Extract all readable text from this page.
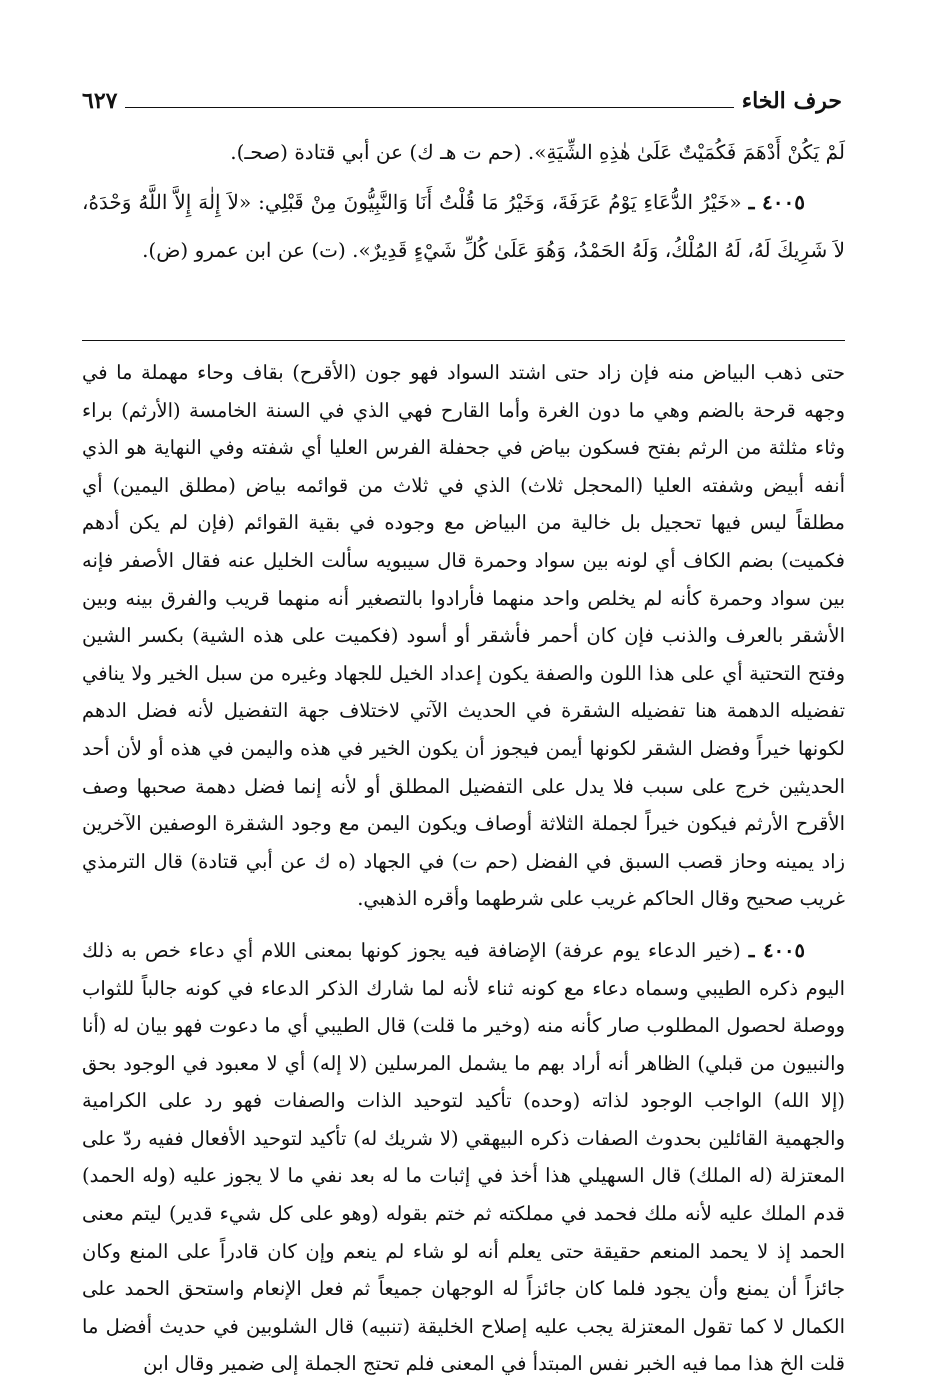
حرف الخاء
٦٢٧

لَمْ يَكُنْ أَدْهَمَ فَكُمَيْتٌ عَلَىٰ هٰذِهِ الشِّيَةِ». (حم ت هـ ك) عن أبي قتادة (صحـ).

٤٠٠٥ ـ «خَيْرُ الدُّعَاءِ يَوْمُ عَرَفَةَ، وَخَيْرُ مَا قُلْتُ أَنَا وَالنَّبِيُّونَ مِنْ قَبْلِي: «لاَ إِلٰهَ إِلاَّ اللَّهُ وَحْدَهُ، لاَ شَرِيكَ لَهُ، لَهُ المُلْكُ، وَلَهُ الحَمْدُ، وَهُوَ عَلَىٰ كُلِّ شَيْءٍ قَدِيرٌ». (ت) عن ابن عمرو (ض).

حتى ذهب البياض منه فإن زاد حتى اشتد السواد فهو جون (الأقرح) بقاف وحاء مهملة ما في وجهه قرحة بالضم وهي ما دون الغرة وأما القارح فهي الذي في السنة الخامسة (الأرثم) براء وثاء مثلثة من الرثم بفتح فسكون بياض في جحفلة الفرس العليا أي شفته وفي النهاية هو الذي أنفه أبيض وشفته العليا (المحجل ثلاث) الذي في ثلاث من قوائمه بياض (مطلق اليمين) أي مطلقاً ليس فيها تحجيل بل خالية من البياض مع وجوده في بقية القوائم (فإن لم يكن أدهم فكميت) بضم الكاف أي لونه بين سواد وحمرة قال سيبويه سألت الخليل عنه فقال الأصفر فإنه بين سواد وحمرة كأنه لم يخلص واحد منهما فأرادوا بالتصغير أنه منهما قريب والفرق بينه وبين الأشقر بالعرف والذنب فإن كان أحمر فأشقر أو أسود (فكميت على هذه الشية) بكسر الشين وفتح التحتية أي على هذا اللون والصفة يكون إعداد الخيل للجهاد وغيره من سبل الخير ولا ينافي تفضيله الدهمة هنا تفضيله الشقرة في الحديث الآتي لاختلاف جهة التفضيل لأنه فضل الدهم لكونها خيراً وفضل الشقر لكونها أيمن فيجوز أن يكون الخير في هذه واليمن في هذه أو لأن أحد الحديثين خرج على سبب فلا يدل على التفضيل المطلق أو لأنه إنما فضل دهمة صحبها وصف الأقرح الأرثم فيكون خيراً لجملة الثلاثة أوصاف ويكون اليمن مع وجود الشقرة الوصفين الآخرين زاد يمينه وحاز قصب السبق في الفضل (حم ت) في الجهاد (ه ك عن أبي قتادة) قال الترمذي غريب صحيح وقال الحاكم غريب على شرطهما وأقره الذهبي.

٤٠٠٥ ـ (خير الدعاء يوم عرفة) الإضافة فيه يجوز كونها بمعنى اللام أي دعاء خص به ذلك اليوم ذكره الطيبي وسماه دعاء مع كونه ثناء لأنه لما شارك الذكر الدعاء في كونه جالباً للثواب ووصلة لحصول المطلوب صار كأنه منه (وخير ما قلت) قال الطيبي أي ما دعوت فهو بيان له (أنا والنبيون من قبلي) الظاهر أنه أراد بهم ما يشمل المرسلين (لا إله) أي لا معبود في الوجود بحق (إلا الله) الواجب الوجود لذاته (وحده) تأكيد لتوحيد الذات والصفات فهو رد على الكرامية والجهمية القائلين بحدوث الصفات ذكره البيهقي (لا شريك له) تأكيد لتوحيد الأفعال ففيه ردّ على المعتزلة (له الملك) قال السهيلي هذا أخذ في إثبات ما له بعد نفي ما لا يجوز عليه (وله الحمد) قدم الملك عليه لأنه ملك فحمد في مملكته ثم ختم بقوله (وهو على كل شيء قدير) ليتم معنى الحمد إذ لا يحمد المنعم حقيقة حتى يعلم أنه لو شاء لم ينعم وإن كان قادراً على المنع وكان جائزاً أن يمنع وأن يجود فلما كان جائزاً له الوجهان جميعاً ثم فعل الإنعام واستحق الحمد على الكمال لا كما تقول المعتزلة يجب عليه إصلاح الخليقة (تنبيه) قال الشلوبين في حديث أفضل ما قلت الخ هذا مما فيه الخبر نفس المبتدأ في المعنى فلم تحتج الجملة إلى ضمير وقال ابن
